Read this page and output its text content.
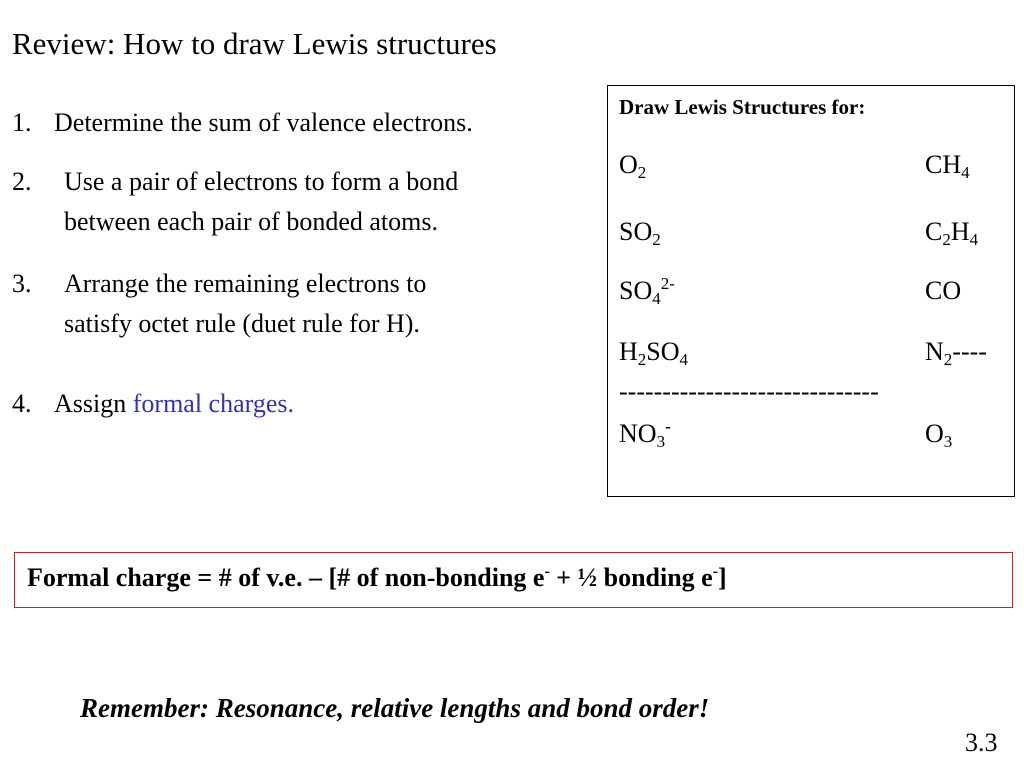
Review: How to draw Lewis structures
1. Determine the sum of valence electrons.
2. Use a pair of electrons to form a bond
between each pair of bonded atoms.
3. Arrange the remaining electrons to
satisfy octet rule (duet rule for H).
4. Assign formal charges.
Draw Lewis Structures for:
$O_2$
$SO_2$
$SO_4^{2-}$
$H_2SO_4$
$NO_3^-$
$CH_4$
$C_2H_4$
CO
$N_2----$
$O_3$
------------------------------
Formal charge = # of v.e. – [# of non-bonding e- + ½ bonding e-]
Remember: Resonance, relative lengths and bond order!
3.3
